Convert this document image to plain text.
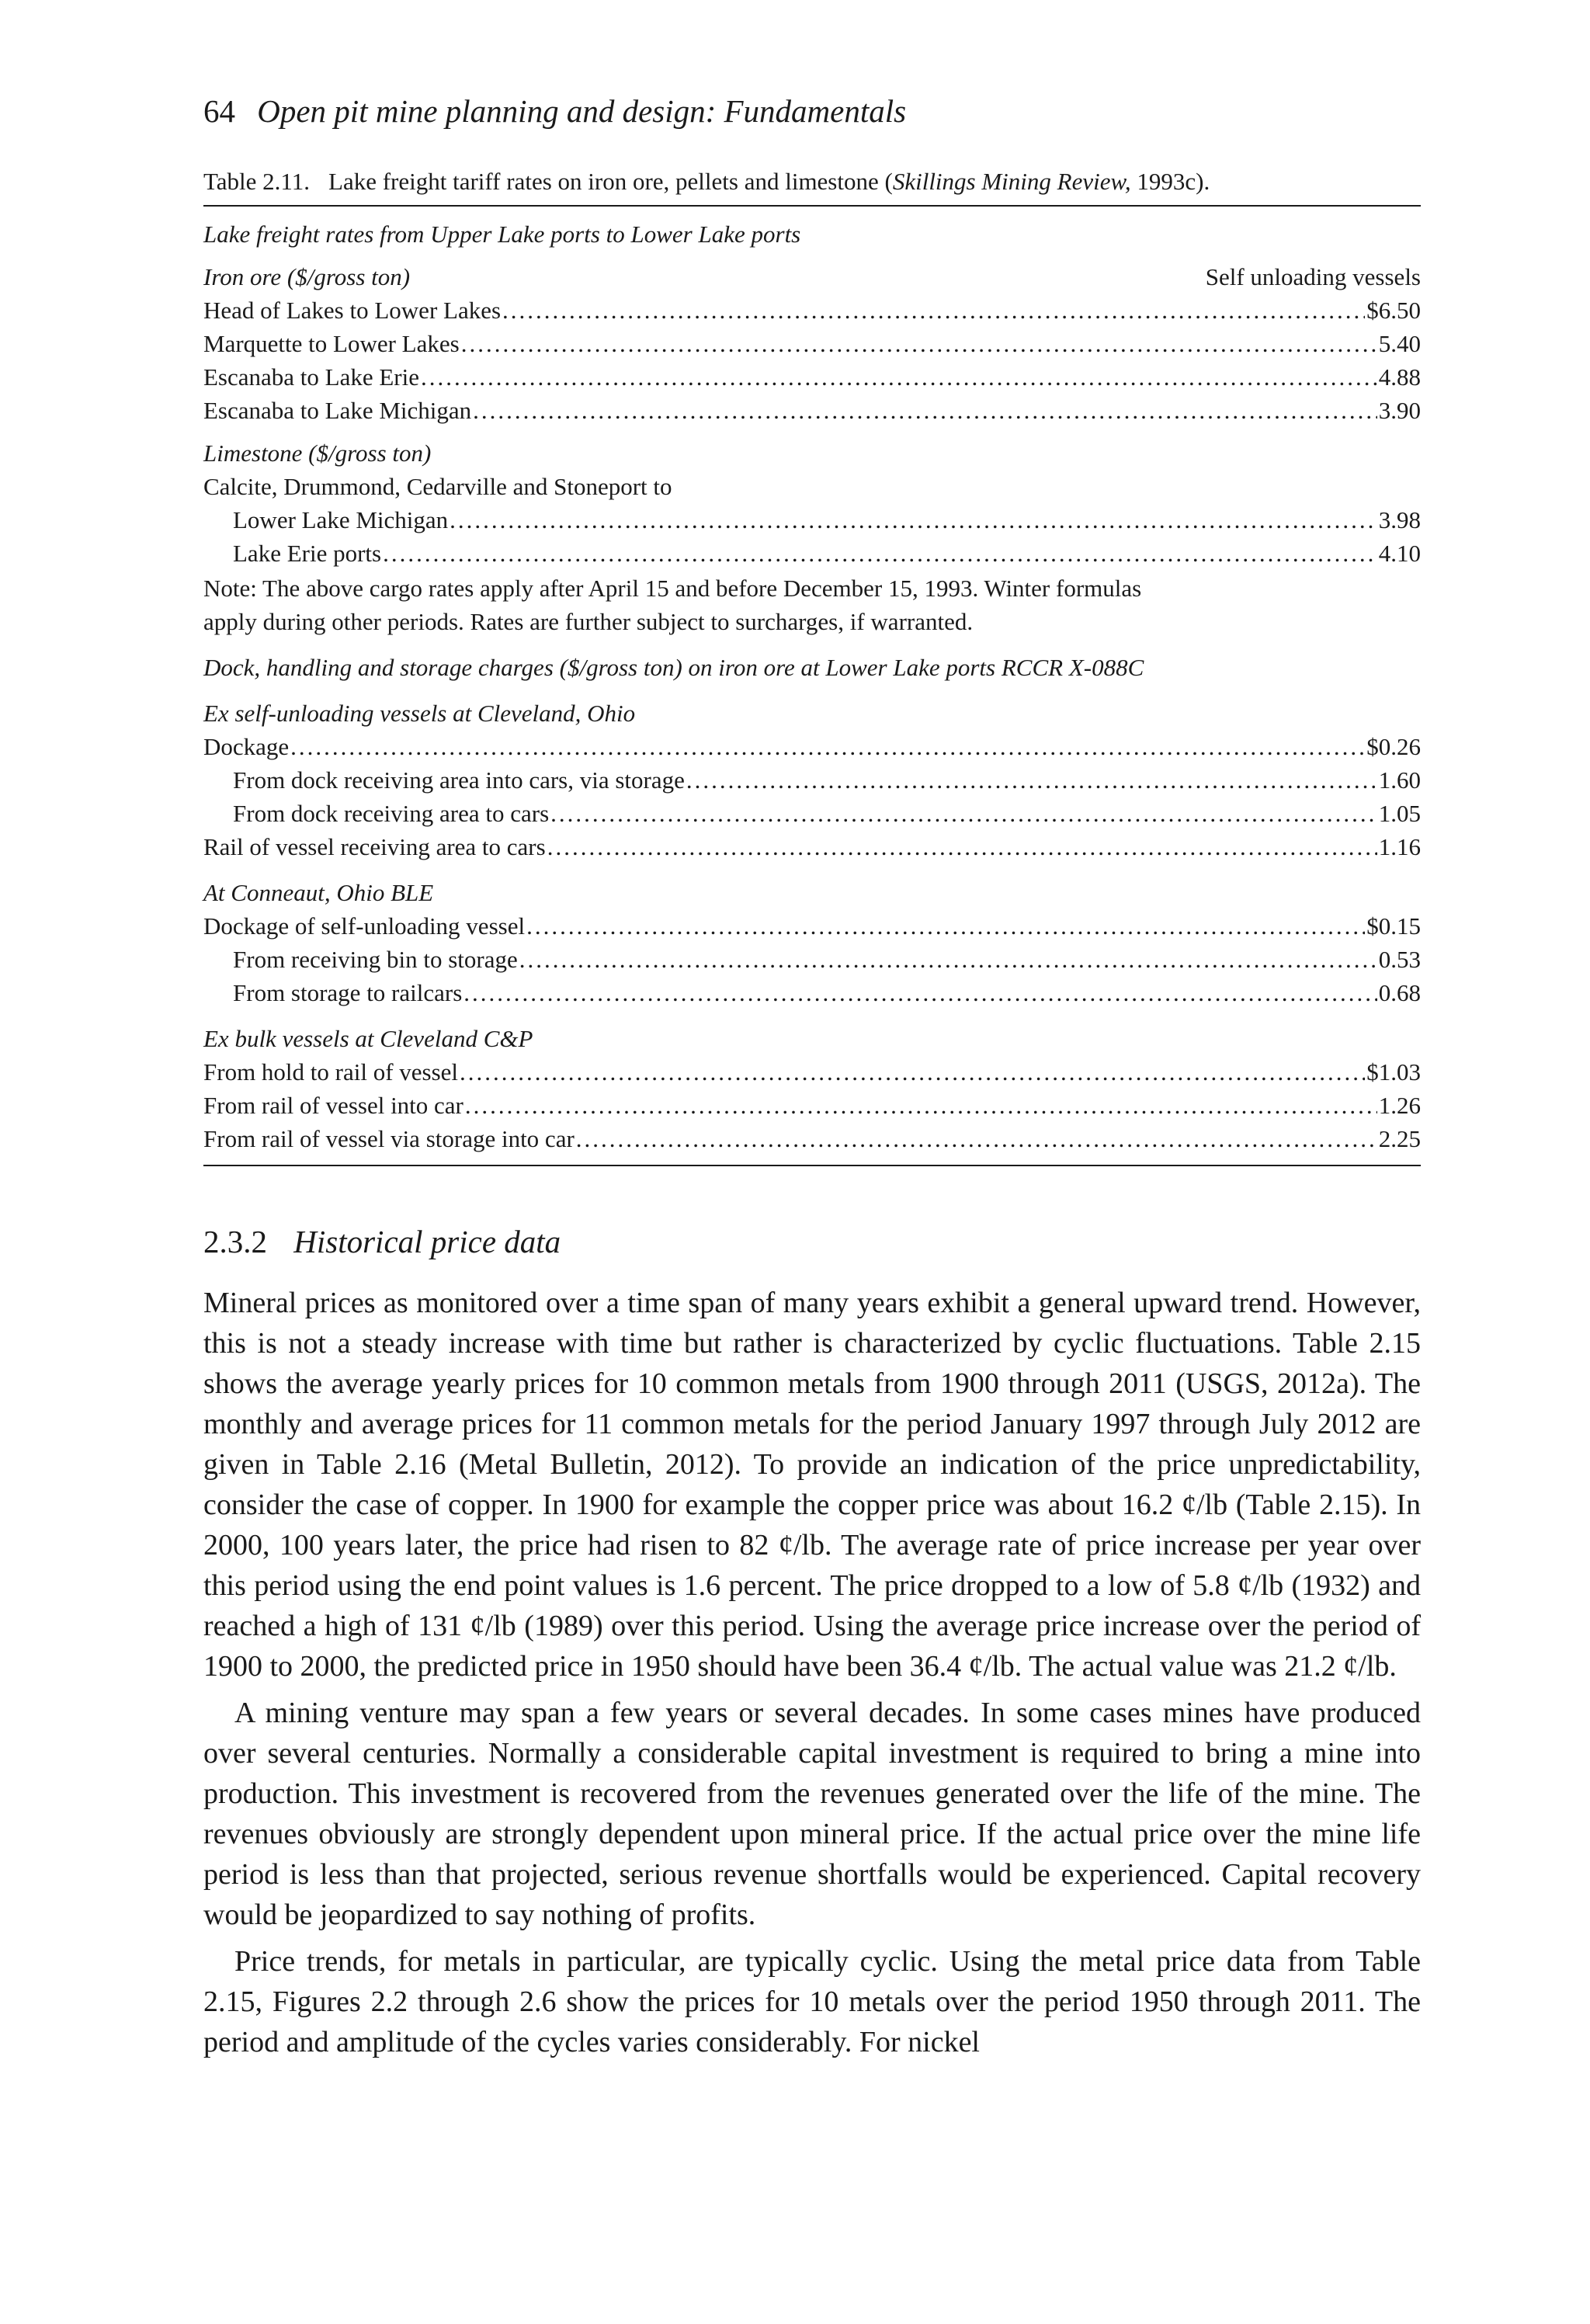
64 Open pit mine planning and design: Fundamentals
Table 2.11. Lake freight tariff rates on iron ore, pellets and limestone (Skillings Mining Review, 1993c).
Lake freight rates from Upper Lake ports to Lower Lake ports
Iron ore ($/gross ton)	Self unloading vessels
Head of Lakes to Lower Lakes .....	$6.50
Marquette to Lower Lakes .....	5.40
Escanaba to Lake Erie .....	4.88
Escanaba to Lake Michigan .....	3.90
Limestone ($/gross ton)
Calcite, Drummond, Cedarville and Stoneport to
Lower Lake Michigan .....	3.98
Lake Erie ports .....	4.10
Note: The above cargo rates apply after April 15 and before December 15, 1993. Winter formulas
apply during other periods. Rates are further subject to surcharges, if warranted.
Dock, handling and storage charges ($/gross ton) on iron ore at Lower Lake ports RCCR X-088C
Ex self-unloading vessels at Cleveland, Ohio
Dockage .....	$0.26
From dock receiving area into cars, via storage .....	1.60
From dock receiving area to cars .....	1.05
Rail of vessel receiving area to cars .....	1.16
At Conneaut, Ohio BLE
Dockage of self-unloading vessel .....	$0.15
From receiving bin to storage .....	0.53
From storage to railcars .....	0.68
Ex bulk vessels at Cleveland C&P
From hold to rail of vessel .....	$1.03
From rail of vessel into car .....	1.26
From rail of vessel via storage into car .....	2.25
2.3.2 Historical price data

Mineral prices as monitored over a time span of many years exhibit a general upward trend. However, this is not a steady increase with time but rather is characterized by cyclic fluctuations. Table 2.15 shows the average yearly prices for 10 common metals from 1900 through 2011 (USGS, 2012a). The monthly and average prices for 11 common metals for the period January 1997 through July 2012 are given in Table 2.16 (Metal Bulletin, 2012). To provide an indication of the price unpredictability, consider the case of copper. In 1900 for example the copper price was about 16.2 ¢/lb (Table 2.15). In 2000, 100 years later, the price had risen to 82 ¢/lb. The average rate of price increase per year over this period using the end point values is 1.6 percent. The price dropped to a low of 5.8 ¢/lb (1932) and reached a high of 131 ¢/lb (1989) over this period. Using the average price increase over the period of 1900 to 2000, the predicted price in 1950 should have been 36.4 ¢/lb. The actual value was 21.2 ¢/lb.

A mining venture may span a few years or several decades. In some cases mines have produced over several centuries. Normally a considerable capital investment is required to bring a mine into production. This investment is recovered from the revenues generated over the life of the mine. The revenues obviously are strongly dependent upon mineral price. If the actual price over the mine life period is less than that projected, serious revenue shortfalls would be experienced. Capital recovery would be jeopardized to say nothing of profits.

Price trends, for metals in particular, are typically cyclic. Using the metal price data from Table 2.15, Figures 2.2 through 2.6 show the prices for 10 metals over the period 1950 through 2011. The period and amplitude of the cycles varies considerably. For nickel
